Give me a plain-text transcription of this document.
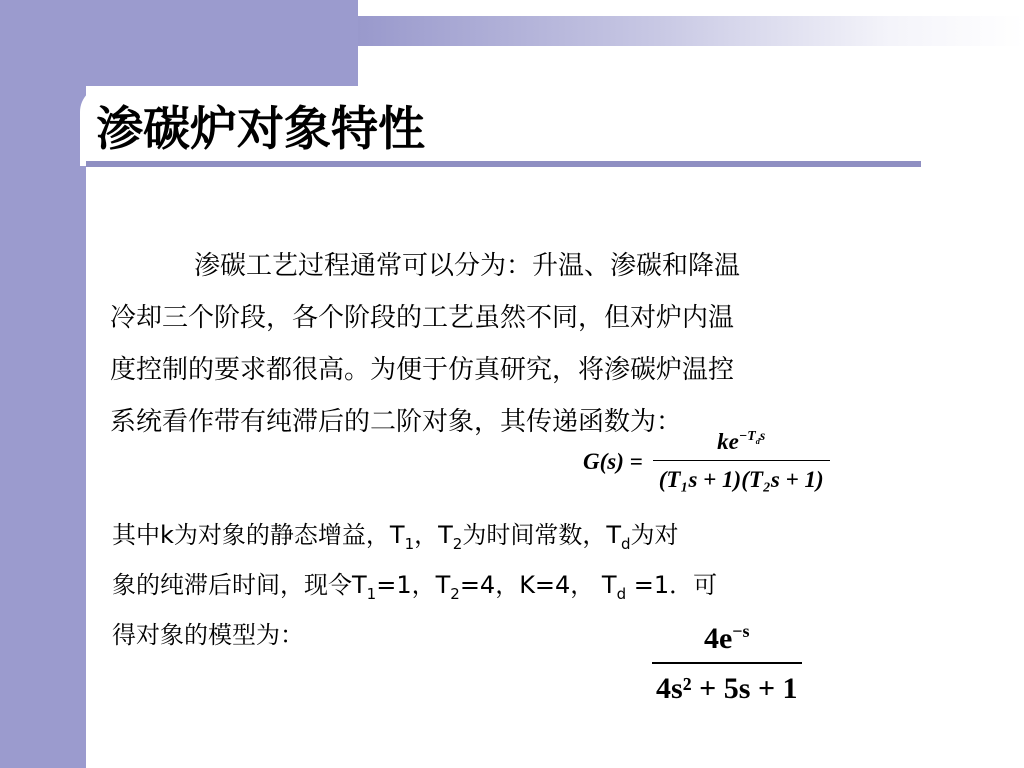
渗碳炉对象特性

渗碳工艺过程通常可以分为：升温、渗碳和降温

冷却三个阶段，各个阶段的工艺虽然不同，但对炉内温

度控制的要求都很高。为便于仿真研究，将渗碳炉温控

系统看作带有纯滞后的二阶对象，其传递函数为：

$G(s) = \frac{ke^{-T_ds}}{\text{(T₁s + 1)(T₂s + 1)}}$

其中k为对象的静态增益，$T_1$，$T_2$为时间常数，$T_d$为对

象的纯滞后时间，现令$T_1=1$，$T_2=4$，K=4， $T_d =1$．可

得对象的模型为：	$\frac{4e^{-s}}{\text{4s² + 5s + 1}}$
